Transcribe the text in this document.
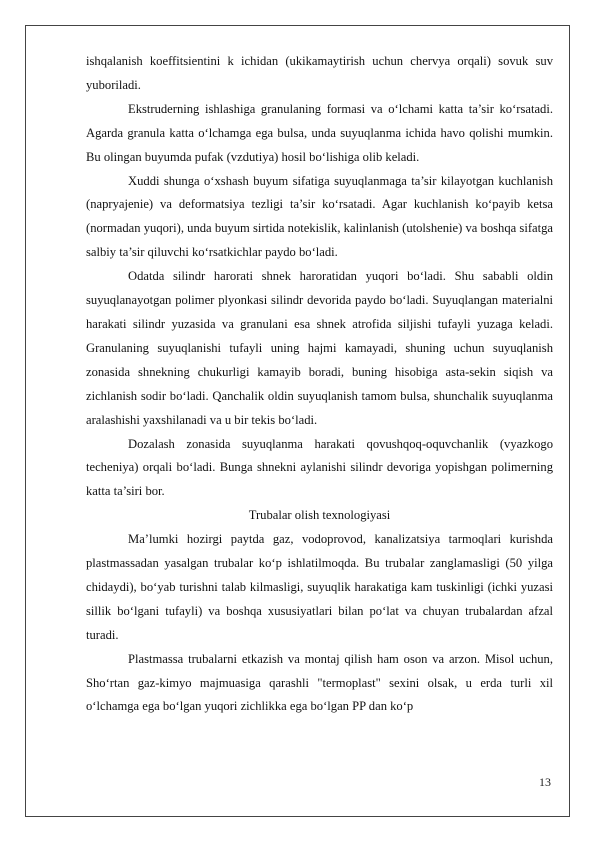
ishqalanish koeffitsientini k ichidan (ukikamaytirish uchun chervya orqali) sovuk suv yuboriladi.

Ekstruderning ishlashiga granulaning formasi va o‘lchami katta ta’sir ko‘rsatadi. Agarda granula katta o‘lchamga ega bulsa, unda suyuqlanma ichida havo qolishi mumkin. Bu olingan buyumda pufak (vzdutiya) hosil bo‘lishiga olib keladi.

Xuddi shunga o‘xshash buyum sifatiga suyuqlanmaga ta’sir kilayotgan kuchlanish (napryajenie) va deformatsiya tezligi ta’sir ko‘rsatadi. Agar kuchlanish ko‘payib ketsa (normadan yuqori), unda buyum sirtida notekislik, kalinlanish (utolshenie) va boshqa sifatga salbiy ta’sir qiluvchi ko‘rsatkichlar paydo bo‘ladi.

Odatda silindr harorati shnek haroratidan yuqori bo‘ladi. Shu sababli oldin suyuqlanayotgan polimer plyonkasi silindr devorida paydo bo‘ladi. Suyuqlangan materialni harakati silindr yuzasida va granulani esa shnek atrofida siljishi tufayli yuzaga keladi. Granulaning suyuqlanishi tufayli uning hajmi kamayadi, shuning uchun suyuqlanish zonasida shnekning chukurligi kamayib boradi, buning hisobiga asta-sekin siqish va zichlanish sodir bo‘ladi. Qanchalik oldin suyuqlanish tamom bulsa, shunchalik suyuqlanma aralashishi yaxshilanadi va u bir tekis bo‘ladi.

Dozalash zonasida suyuqlanma harakati qovushqoq-oquvchanlik (vyazkogo techeniya) orqali bo‘ladi. Bunga shnekni aylanishi silindr devoriga yopishgan polimerning katta ta’siri bor.

Trubalar olish texnologiyasi

Ma’lumki hozirgi paytda gaz, vodoprovod, kanalizatsiya tarmoqlari kurishda plastmassadan yasalgan trubalar ko‘p ishlatilmoqda. Bu trubalar zanglamasligi (50 yilga chidaydi), bo‘yab turishni talab kilmasligi, suyuqlik harakatiga kam tuskinligi (ichki yuzasi sillik bo‘lgani tufayli) va boshqa xususiyatlari bilan po‘lat va chuyan trubalardan afzal turadi.

Plastmassa trubalarni etkazish va montaj qilish ham oson va arzon. Misol uchun, Sho‘rtan gaz-kimyo majmuasiga qarashli "termoplast" sexini olsak, u erda turli xil o‘lchamga ega bo‘lgan yuqori zichlikka ega bo‘lgan PP dan ko‘p

13
